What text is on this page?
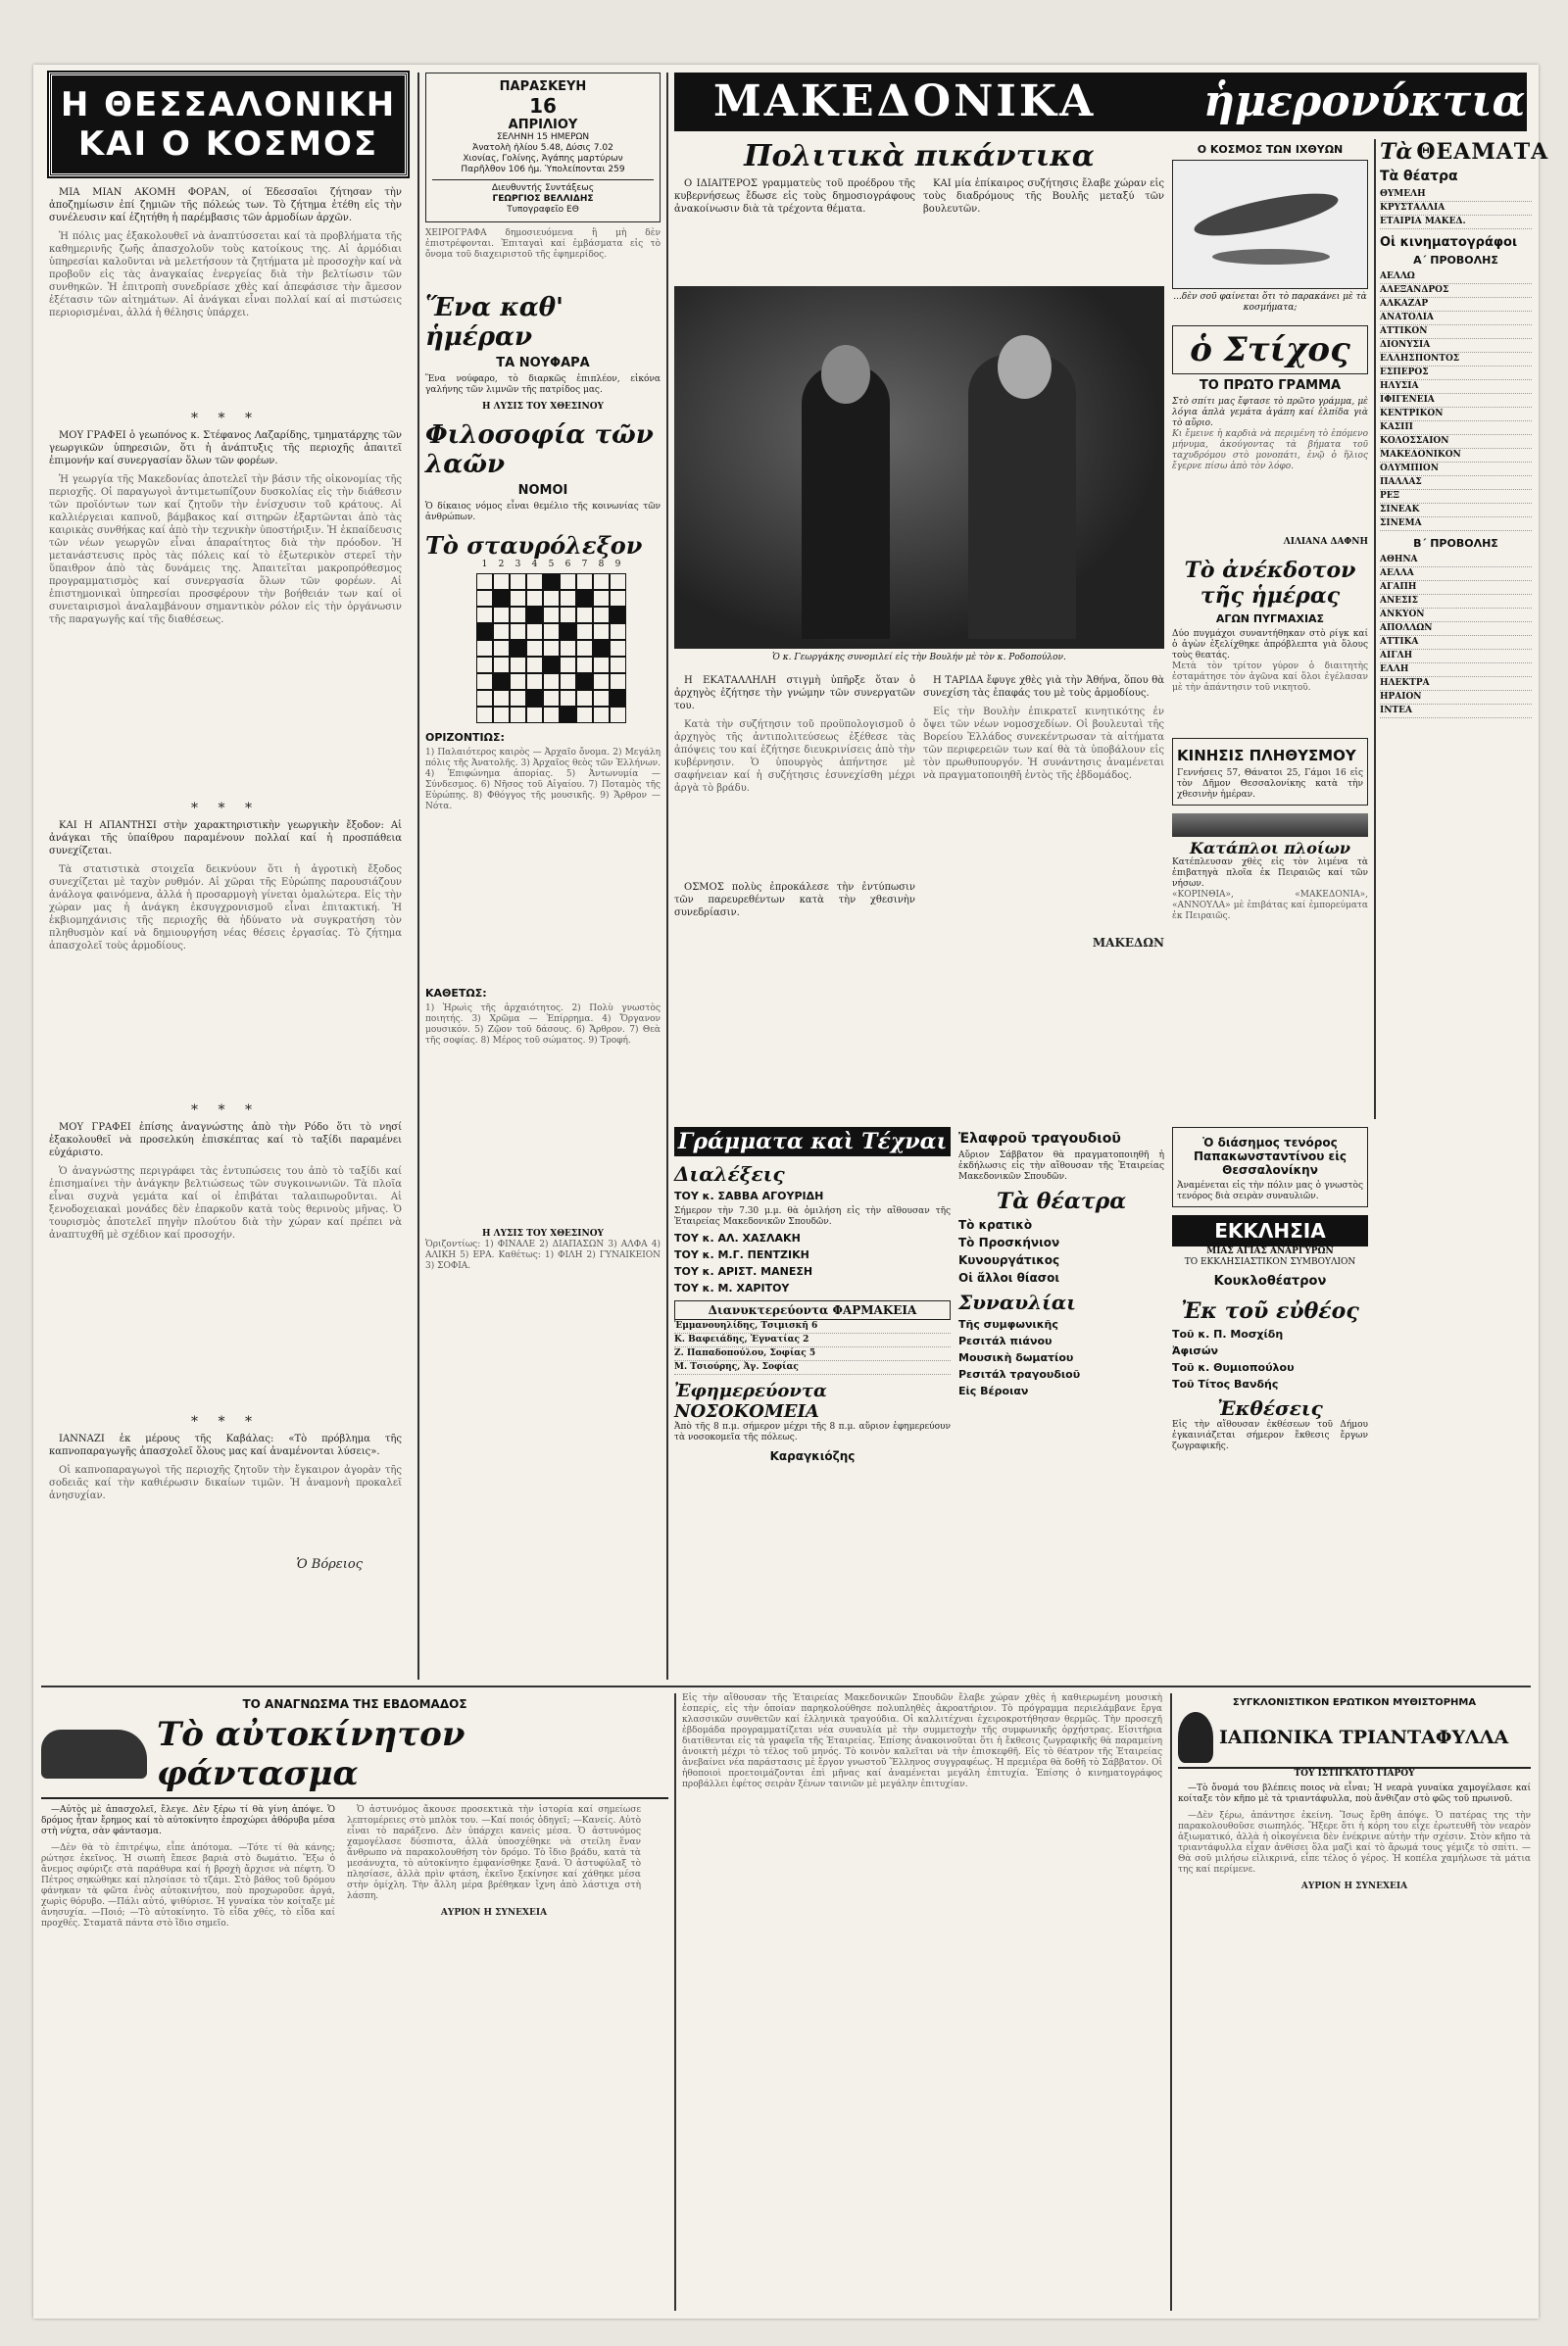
Η ΘΕΣΣΑΛΟΝΙΚΗ
ΚΑΙ Ο ΚΟΣΜΟΣ

ΜΙΑ ΜΙΑΝ ΑΚΟΜΗ ΦΟΡΑΝ, οί Έδεσσαῖοι ζήτησαν τὴν ἀποζημίωσιν ἐπί ζημιῶν τῆς πόλεώς των. Τὸ ζήτημα ἐτέθη εἰς τὴν συνέλευσιν καί ἐζητήθη ἡ παρέμβασις τῶν ἀρμοδίων ἀρχῶν.

Ἡ πόλις μας ἐξακολουθεῖ νὰ ἀναπτύσσεται καί τὰ προβλήματα τῆς καθημερινῆς ζωῆς ἀπασχολοῦν τοὺς κατοίκους της. Αἱ ἀρμόδιαι ὑπηρεσίαι καλοῦνται νὰ μελετήσουν τὰ ζητήματα μὲ προσοχὴν καί νὰ προβοῦν εἰς τὰς ἀναγκαίας ἐνεργείας διὰ τὴν βελτίωσιν τῶν συνθηκῶν. Ἡ ἐπιτροπὴ συνεδρίασε χθὲς καί ἀπεφάσισε τὴν ἄμεσον ἐξέτασιν τῶν αἰτημάτων. Αἱ ἀνάγκαι εἶναι πολλαί καί αἱ πιστώσεις περιορισμέναι, ἀλλά ἡ θέλησις ὑπάρχει.

* * *

ΜΟΥ ΓΡΑΦΕΙ ὁ γεωπόνος κ. Στέφανος Λαζαρίδης, τμηματάρχης τῶν γεωργικῶν ὑπηρεσιῶν, ὅτι ἡ ἀνάπτυξις τῆς περιοχῆς ἀπαιτεῖ ἐπιμονήν καί συνεργασίαν ὅλων τῶν φορέων.

Ἡ γεωργία τῆς Μακεδονίας ἀποτελεῖ τὴν βάσιν τῆς οἰκονομίας τῆς περιοχῆς. Οἱ παραγωγοὶ ἀντιμετωπίζουν δυσκολίας εἰς τὴν διάθεσιν τῶν προϊόντων των καί ζητοῦν τὴν ἐνίσχυσιν τοῦ κράτους. Αἱ καλλιέργειαι καπνοῦ, βάμβακος καί σιτηρῶν ἐξαρτῶνται ἀπὸ τὰς καιρικὰς συνθήκας καί ἀπὸ τὴν τεχνικὴν ὑποστήριξιν. Ἡ ἐκπαίδευσις τῶν νέων γεωργῶν εἶναι ἀπαραίτητος διὰ τὴν πρόοδον. Ἡ μετανάστευσις πρὸς τὰς πόλεις καί τὸ ἐξωτερικὸν στερεῖ τὴν ὕπαιθρον ἀπὸ τὰς δυνάμεις της. Ἀπαιτεῖται μακροπρόθεσμος προγραμματισμὸς καί συνεργασία ὅλων τῶν φορέων. Αἱ ἐπιστημονικαὶ ὑπηρεσίαι προσφέρουν τὴν βοήθειάν των καί οἱ συνεταιρισμοὶ ἀναλαμβάνουν σημαντικὸν ρόλον εἰς τὴν ὀργάνωσιν τῆς παραγωγῆς καί τῆς διαθέσεως.

* * *

ΚΑΙ Η ΑΠΑΝΤΗΣΙ στὴν χαρακτηριστικὴν γεωργικὴν ἔξοδον: Αἱ ἀνάγκαι τῆς ὑπαίθρου παραμένουν πολλαί καί ἡ προσπάθεια συνεχίζεται.

Τὰ στατιστικὰ στοιχεῖα δεικνύουν ὅτι ἡ ἀγροτικὴ ἔξοδος συνεχίζεται μὲ ταχὺν ρυθμόν. Αἱ χῶραι τῆς Εὐρώπης παρουσιάζουν ἀνάλογα φαινόμενα, ἀλλά ἡ προσαρμογὴ γίνεται ὁμαλώτερα. Εἰς τὴν χώραν μας ἡ ἀνάγκη ἐκσυγχρονισμοῦ εἶναι ἐπιτακτική. Ἡ ἐκβιομηχάνισις τῆς περιοχῆς θὰ ἠδύνατο νὰ συγκρατήση τὸν πληθυσμὸν καί νὰ δημιουργήση νέας θέσεις ἐργασίας. Τὸ ζήτημα ἀπασχολεῖ τοὺς ἀρμοδίους.

* * *

ΜΟΥ ΓΡΑΦΕΙ ἐπίσης ἀναγνώστης ἀπὸ τὴν Ρόδο ὅτι τὸ νησί ἐξακολουθεῖ νὰ προσελκύη ἐπισκέπτας καί τὸ ταξίδι παραμένει εὐχάριστο.

Ὁ ἀναγνώστης περιγράφει τὰς ἐντυπώσεις του ἀπὸ τὸ ταξίδι καί ἐπισημαίνει τὴν ἀνάγκην βελτιώσεως τῶν συγκοινωνιῶν. Τὰ πλοῖα εἶναι συχνὰ γεμάτα καί οἱ ἐπιβάται ταλαιπωροῦνται. Αἱ ξενοδοχειακαὶ μονάδες δὲν ἐπαρκοῦν κατὰ τοὺς θερινοὺς μῆνας. Ὁ τουρισμὸς ἀποτελεῖ πηγὴν πλούτου διὰ τὴν χώραν καί πρέπει νὰ ἀναπτυχθῆ μὲ σχέδιον καί προσοχήν.

* * *

ΙΑΝΝΑΖΙ ἐκ μέρους τῆς Καβάλας: «Τὸ πρόβλημα τῆς καπνοπαραγωγῆς ἀπασχολεῖ ὅλους μας καί ἀναμένονται λύσεις».

Οἱ καπνοπαραγωγοὶ τῆς περιοχῆς ζητοῦν τὴν ἔγκαιρον ἀγορὰν τῆς σοδειᾶς καί τὴν καθιέρωσιν δικαίων τιμῶν. Ἡ ἀναμονὴ προκαλεῖ ἀνησυχίαν.

Ὁ Βόρειος
ΠΑΡΑΣΚΕΥΗ
16
ΑΠΡΙΛΙΟΥ
ΣΕΛΗΝΗ 15 ΗΜΕΡΩΝ
Ἀνατολὴ ἡλίου 5.48, Δύσις 7.02
Χιονίας, Γολίνης, Ἀγάπης μαρτύρων
Παρῆλθον 106 ἡμ. Ὑπολείπονται 259
Διευθυντής Συντάξεως
ΓΕΩΡΓΙΟΣ ΒΕΛΛΙΔΗΣ
Τυπογραφεῖο ΕΘ
ΧΕΙΡΟΓΡΑΦΑ δημοσιευόμενα ἢ μὴ δὲν ἐπιστρέφονται. Ἐπιταγαὶ καί ἐμβάσματα εἰς τὸ ὄνομα τοῦ διαχειριστοῦ τῆς ἐφημερίδος.
Ἕνα καθ' ἡμέραν
ΤΑ ΝΟΥΦΑΡΑ
Ἕνα νούφαρο, τὸ διαρκῶς ἐπιπλέον, εἰκόνα γαλήνης τῶν λιμνῶν τῆς πατρίδος μας.
Η ΛΥΣΙΣ ΤΟΥ ΧΘΕΣΙΝΟΥ
Φιλοσοφία τῶν λαῶν
ΝΟΜΟΙ
Ὁ δίκαιος νόμος εἶναι θεμέλιο τῆς κοινωνίας τῶν ἀνθρώπων.
Τὸ σταυρόλεξον
1	2	3	4	5	6	7	8	9
ΟΡΙΖΟΝΤΙΩΣ:
1) Παλαιότερος καιρὸς — Ἀρχαῖο ὄνομα. 2) Μεγάλη πόλις τῆς Ἀνατολῆς. 3) Ἀρχαῖος θεὸς τῶν Ἑλλήνων. 4) Ἐπιφώνημα ἀπορίας. 5) Ἀντωνυμία — Σύνδεσμος. 6) Νῆσος τοῦ Αἰγαίου. 7) Ποταμὸς τῆς Εὐρώπης. 8) Φθόγγος τῆς μουσικῆς. 9) Ἄρθρον — Νότα.
ΚΑΘΕΤΩΣ:
1) Ἡρωὶς τῆς ἀρχαιότητος. 2) Πολὺ γνωστὸς ποιητής. 3) Χρῶμα — Ἐπίρρημα. 4) Ὄργανον μουσικόν. 5) Ζῷον τοῦ δάσους. 6) Ἄρθρον. 7) Θεὰ τῆς σοφίας. 8) Μέρος τοῦ σώματος. 9) Τροφή.
Η ΛΥΣΙΣ ΤΟΥ ΧΘΕΣΙΝΟΥ
Ὁριζοντίως: 1) ΦΙΝΑΛΕ 2) ΔΙΑΠΑΣΩΝ 3) ΑΛΦΑ 4) ΑΛΙΚΗ 5) ΕΡΑ. Καθέτως: 1) ΦΙΛΗ 2) ΓΥΝΑΙΚΕΙΟΝ 3) ΣΟΦΙΑ.
ΜΑΚΕΔΟΝΙΚΑ ἡμερονύκτια
Πολιτικὰ πικάντικα

Ο ΙΔΙΑΙΤΕΡΟΣ γραμματεὺς τοῦ προέδρου τῆς κυβερνήσεως ἔδωσε εἰς τοὺς δημοσιογράφους ἀνακοίνωσιν διὰ τὰ τρέχοντα θέματα.

ΚΑΙ μία ἐπίκαιρος συζήτησις ἔλαβε χώραν εἰς τοὺς διαδρόμους τῆς Βουλῆς μεταξύ τῶν βουλευτῶν.

Ὁ κ. Γεωργάκης συνομιλεί εἰς τὴν Βουλήν μὲ τὸν κ. Ροδοπούλον.

Η ΕΚΑΤΑΛΛΗΛΗ στιγμὴ ὑπῆρξε ὅταν ὁ ἀρχηγὸς ἐζήτησε τὴν γνώμην τῶν συνεργατῶν του.

Κατὰ τὴν συζήτησιν τοῦ προϋπολογισμοῦ ὁ ἀρχηγὸς τῆς ἀντιπολιτεύσεως ἐξέθεσε τὰς ἀπόψεις του καί ἐζήτησε διευκρινίσεις ἀπὸ τὴν κυβέρνησιν. Ὁ ὑπουργὸς ἀπήντησε μὲ σαφήνειαν καί ἡ συζήτησις ἐσυνεχίσθη μέχρι ἀργὰ τὸ βράδυ.

ΟΣΜΟΣ πολὺς ἐπροκάλεσε τὴν ἐντύπωσιν τῶν παρευρεθέντων κατὰ τὴν χθεσινὴν συνεδρίασιν.

Η ΤΑΡΙΔΑ ἔφυγε χθὲς γιὰ τὴν Ἀθήνα, ὅπου θὰ συνεχίση τὰς ἐπαφάς του μὲ τοὺς ἁρμοδίους.

Εἰς τὴν Βουλὴν ἐπικρατεῖ κινητικότης ἐν ὄψει τῶν νέων νομοσχεδίων. Οἱ βουλευταὶ τῆς Βορείου Ἑλλάδος συνεκέντρωσαν τὰ αἰτήματα τῶν περιφερειῶν των καί θὰ τὰ ὑποβάλουν εἰς τὸν πρωθυπουργόν. Ἡ συνάντησις ἀναμένεται νὰ πραγματοποιηθῆ ἐντὸς τῆς ἑβδομάδος.

ΜΑΚΕΔΩΝ
Ο ΚΟΣΜΟΣ ΤΩΝ ΙΧΘΥΩΝ
...δὲν σοῦ φαίνεται ὅτι τὸ παρακάνει μὲ τὰ κοσμήματα;
ὁ Στίχος
ΤΟ ΠΡΩΤΟ ΓΡΑΜΜΑ
Στὸ σπίτι μας ἔφτασε τὸ πρῶτο γράμμα, μὲ λόγια ἁπλὰ γεμάτα ἀγάπη καί ἐλπίδα γιὰ τὸ αὔριο.
Κι ἔμεινε ἡ καρδιὰ νὰ περιμένη τὸ ἑπόμενο μήνυμα, ἀκούγοντας τὰ βήματα τοῦ ταχυδρόμου στὸ μονοπάτι, ἐνῷ ὁ ἥλιος ἔγερνε πίσω ἀπὸ τὸν λόφο.
ΛΙΛΙΑΝΑ ΔΑΦΝΗ
Τὸ ἀνέκδοτον τῆς ἡμέρας
ΑΓΩΝ ΠΥΓΜΑΧΙΑΣ
Δύο πυγμάχοι συναντήθηκαν στὸ ρίγκ καί ὁ ἀγὼν ἐξελίχθηκε ἀπρόβλεπτα γιὰ ὅλους τοὺς θεατάς.
Μετὰ τὸν τρίτον γύρον ὁ διαιτητὴς ἐσταμάτησε τὸν ἀγῶνα καί ὅλοι ἐγέλασαν μὲ τὴν ἀπάντησιν τοῦ νικητοῦ.
ΚΙΝΗΣΙΣ ΠΛΗΘΥΣΜΟΥ
Γεννήσεις 57, Θάνατοι 25, Γάμοι 16 εἰς τὸν Δῆμον Θεσσαλονίκης κατὰ τὴν χθεσινὴν ἡμέραν.
Κατάπλοι πλοίων
Κατέπλευσαν χθὲς εἰς τὸν λιμένα τὰ ἐπιβατηγὰ πλοῖα ἐκ Πειραιῶς καί τῶν νήσων.
«ΚΟΡΙΝΘΙΑ», «ΜΑΚΕΔΟΝΙΑ», «ΑΝΝΟΥΛΑ» μὲ ἐπιβάτας καί ἐμπορεύματα ἐκ Πειραιῶς.
Τὰ ΘΕΑΜΑΤΑ
Τὰ θέατρα
ΘΥΜΕΛΗ
ΚΡΥΣΤΑΛΛΙΑ
ΕΤΑΙΡΙΑ ΜΑΚΕΔ.
Οἱ κινηματογράφοι
Α΄ ΠΡΟΒΟΛΗΣ
ΑΕΛΛΩ
ΑΛΕΞΑΝΔΡΟΣ
ΑΛΚΑΖΑΡ
ΑΝΑΤΟΛΙΑ
ΑΤΤΙΚΟΝ
ΔΙΟΝΥΣΙΑ
ΕΛΛΗΣΠΟΝΤΟΣ
ΕΣΠΕΡΟΣ
ΗΛΥΣΙΑ
ΙΦΙΓΕΝΕΙΑ
ΚΕΝΤΡΙΚΟΝ
ΚΑΣΙΠ
ΚΟΛΟΣΣΑΙΟΝ
ΜΑΚΕΔΟΝΙΚΟΝ
ΟΛΥΜΠΙΟΝ
ΠΑΛΛΑΣ
ΡΕΞ
ΣΙΝΕΑΚ
ΣΙΝΕΜΑ
Β΄ ΠΡΟΒΟΛΗΣ
ΑΘΗΝΑ
ΑΕΛΛΑ
ΑΓΑΠΗ
ΑΝΕΣΙΣ
ΑΝΚΥΟΝ
ΑΠΟΛΛΩΝ
ΑΤΤΙΚΑ
ΑΙΓΛΗ
ΕΛΛΗ
ΗΛΕΚΤΡΑ
ΗΡΑΙΟΝ
ΙΝΤΕΑ
Γράμματα καὶ Τέχναι
Διαλέξεις
ΤΟΥ κ. ΣΑΒΒΑ ΑΓΟΥΡΙΔΗ
Σήμερον τὴν 7.30 μ.μ. θὰ ὁμιλήση εἰς τὴν αἴθουσαν τῆς Ἑταιρείας Μακεδονικῶν Σπουδῶν.
ΤΟΥ κ. ΑΛ. ΧΑΣΛΑΚΗ
ΤΟΥ κ. Μ.Γ. ΠΕΝΤΖΙΚΗ
ΤΟΥ κ. ΑΡΙΣΤ. ΜΑΝΕΣΗ
ΤΟΥ κ. Μ. ΧΑΡΙΤΟΥ
Διανυκτερεύοντα ΦΑΡΜΑΚΕΙΑ
Ἐμμανουηλίδης, Τσιμισκῆ 6
Κ. Βαφειάδης, Ἐγνατίας 2
Ζ. Παπαδοπούλου, Σοφίας 5
Μ. Τσιούρης, Ἀγ. Σοφίας
Ἐφημερεύοντα ΝΟΣΟΚΟΜΕΙΑ
Ἀπὸ τῆς 8 π.μ. σήμερον μέχρι τῆς 8 π.μ. αὔριον ἐφημερεύουν τὰ νοσοκομεῖα τῆς πόλεως.
Καραγκιόζης
Ἐλαφροῦ τραγουδιοῦ
Αὔριον Σάββατον θὰ πραγματοποιηθῆ ἡ ἐκδήλωσις εἰς τὴν αἴθουσαν τῆς Ἑταιρείας Μακεδονικῶν Σπουδῶν.
Τὰ θέατρα
Τὸ κρατικὸ
Τὸ Προσκήνιον
Κυνουργάτικος
Οἱ ἄλλοι θίασοι
Συναυλίαι
Τῆς συμφωνικῆς
Ρεσιτάλ πιάνου
Μουσικὴ δωματίου
Ρεσιτάλ τραγουδιοῦ
Εἰς Βέροιαν
Ὁ διάσημος τενόρος Παπακωνσταντίνου εἰς Θεσσαλονίκην
Ἀναμένεται εἰς τὴν πόλιν μας ὁ γνωστὸς τενόρος διὰ σειρὰν συναυλιῶν.
ΕΚΚΛΗΣΙΑ
ΜΙΑΣ ΑΓΙΑΣ ΑΝΑΡΓΥΡΩΝ
ΤΟ ΕΚΚΛΗΣΙΑΣΤΙΚΟΝ ΣΥΜΒΟΥΛΙΟΝ
Κουκλοθέατρον
Ἐκ τοῦ εὐθέος
Τοῦ κ. Π. Μοσχίδη
Ἀφισών
Τοῦ κ. Θυμιοπούλου
Τοῦ Τίτος Βανδής
Ἐκθέσεις
Εἰς τὴν αἴθουσαν ἐκθέσεων τοῦ Δήμου ἐγκαινιάζεται σήμερον ἔκθεσις ἔργων ζωγραφικῆς.
ΤΟ ΑΝΑΓΝΩΣΜΑ ΤΗΣ ΕΒΔΟΜΑΔΟΣ
Τὸ αὐτοκίνητον φάντασμα

—Αὐτὸς μὲ ἀπασχολεῖ, ἔλεγε. Δὲν ξέρω τί θὰ γίνη ἀπόψε. Ὁ δρόμος ἦταν ἔρημος καί τὸ αὐτοκίνητο ἐπροχώρει ἀθόρυβα μέσα στὴ νύχτα, σὰν φάντασμα.

—Δὲν θὰ τὸ ἐπιτρέψω, εἶπε ἀπότομα. —Τότε τί θὰ κάνης; ρώτησε ἐκεῖνος. Ἡ σιωπὴ ἔπεσε βαριὰ στὸ δωμάτιο. Ἔξω ὁ ἄνεμος σφύριζε στὰ παράθυρα καί ἡ βροχὴ ἄρχισε νὰ πέφτη. Ὁ Πέτρος σηκώθηκε καί πλησίασε τὸ τζάμι. Στὸ βάθος τοῦ δρόμου φάνηκαν τὰ φῶτα ἑνὸς αὐτοκινήτου, ποὺ προχωροῦσε ἀργά, χωρὶς θόρυβο. —Πάλι αὐτό, ψιθύρισε. Ἡ γυναίκα τὸν κοίταξε μὲ ἀνησυχία. —Ποιό; —Τὸ αὐτοκίνητο. Τὸ εἶδα χθές, τὸ εἶδα καί προχθές. Σταματᾶ πάντα στὸ ἴδιο σημεῖο.

Ὁ ἀστυνόμος ἄκουσε προσεκτικὰ τὴν ἱστορία καί σημείωσε λεπτομέρειες στὸ μπλὸκ του. —Καί ποιός ὁδηγεῖ; —Κανείς. Αὐτὸ εἶναι τὸ παράξενο. Δὲν ὑπάρχει κανεὶς μέσα. Ὁ ἀστυνόμος χαμογέλασε δύσπιστα, ἀλλὰ ὑποσχέθηκε νὰ στείλη ἕναν ἄνθρωπο νὰ παρακολουθήση τὸν δρόμο. Τὸ ἴδιο βράδυ, κατὰ τὰ μεσάνυχτα, τὸ αὐτοκίνητο ἐμφανίσθηκε ξανά. Ὁ ἀστυφύλαξ τὸ πλησίασε, ἀλλὰ πρὶν φτάση, ἐκεῖνο ξεκίνησε καί χάθηκε μέσα στὴν ὁμίχλη. Τὴν ἄλλη μέρα βρέθηκαν ἴχνη ἀπὸ λάστιχα στὴ λάσπη.

ΑΥΡΙΟΝ Η ΣΥΝΕΧΕΙΑ
Εἰς τὴν αἴθουσαν τῆς Ἑταιρείας Μακεδονικῶν Σπουδῶν ἔλαβε χώραν χθὲς ἡ καθιερωμένη μουσικὴ ἑσπερίς, εἰς τὴν ὁποίαν παρηκολούθησε πολυπληθὲς ἀκροατήριον. Τὸ πρόγραμμα περιελάμβανε ἔργα κλασσικῶν συνθετῶν καί ἑλληνικὰ τραγούδια. Οἱ καλλιτέχναι ἐχειροκροτήθησαν θερμῶς. Τὴν προσεχῆ ἑβδομάδα προγραμματίζεται νέα συναυλία μὲ τὴν συμμετοχὴν τῆς συμφωνικῆς ὀρχήστρας. Εἰσιτήρια διατίθενται εἰς τὰ γραφεῖα τῆς Ἑταιρείας. Ἐπίσης ἀνακοινοῦται ὅτι ἡ ἔκθεσις ζωγραφικῆς θὰ παραμείνη ἀνοικτὴ μέχρι τὸ τέλος τοῦ μηνός. Τὸ κοινὸν καλεῖται νὰ τὴν ἐπισκεφθῆ. Εἰς τὸ θέατρον τῆς Ἑταιρείας ἀνεβαίνει νέα παράστασις μὲ ἔργον γνωστοῦ Ἕλληνος συγγραφέως. Ἡ πρεμιέρα θὰ δοθῆ τὸ Σάββατον. Οἱ ἠθοποιοὶ προετοιμάζονται ἐπὶ μῆνας καί ἀναμένεται μεγάλη ἐπιτυχία. Ἐπίσης ὁ κινηματογράφος προβάλλει ἐφέτος σειρὰν ξένων ταινιῶν μὲ μεγάλην ἐπιτυχίαν.
ΣΥΓΚΛΟΝΙΣΤΙΚΟΝ ΕΡΩΤΙΚΟΝ ΜΥΘΙΣΤΟΡΗΜΑ
ΙΑΠΩΝΙΚΑ ΤΡΙΑΝΤΑΦΥΛΛΑ
ΤΟΥ ΙΣΤΙΓΚΑΤΟ ΓΙΑΡΟΥ

—Τὸ ὄνομά του βλέπεις ποιος νὰ εἶναι; Ἡ νεαρὰ γυναίκα χαμογέλασε καί κοίταξε τὸν κῆπο μὲ τὰ τριαντάφυλλα, ποὺ ἄνθιζαν στὸ φῶς τοῦ πρωινοῦ.

—Δὲν ξέρω, ἀπάντησε ἐκείνη. Ἴσως ἔρθη ἀπόψε. Ὁ πατέρας της τὴν παρακολουθοῦσε σιωπηλός. Ἤξερε ὅτι ἡ κόρη του εἶχε ἐρωτευθῆ τὸν νεαρὸν ἀξιωματικό, ἀλλὰ ἡ οἰκογένεια δὲν ἐνέκρινε αὐτὴν τὴν σχέσιν. Στὸν κῆπο τὰ τριαντάφυλλα εἶχαν ἀνθίσει ὅλα μαζὶ καί τὸ ἄρωμά τους γέμιζε τὸ σπίτι. —Θὰ σοῦ μιλήσω εἰλικρινά, εἶπε τέλος ὁ γέρος. Ἡ κοπέλα χαμήλωσε τὰ μάτια της καί περίμενε.

ΑΥΡΙΟΝ Η ΣΥΝΕΧΕΙΑ
